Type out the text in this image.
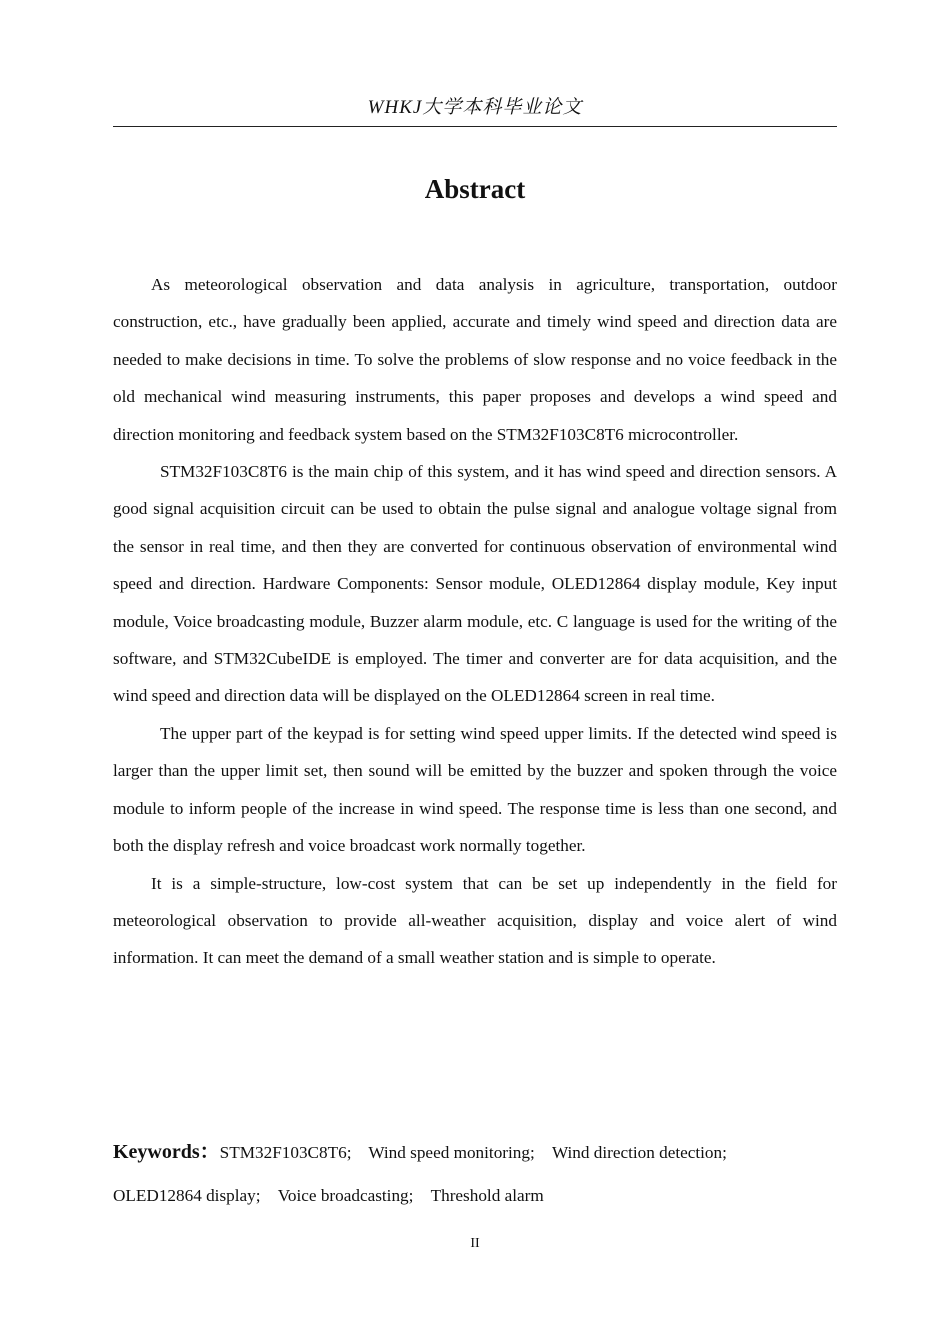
WHKJ大学本科毕业论文
Abstract

As meteorological observation and data analysis in agriculture, transportation, outdoor construction, etc., have gradually been applied, accurate and timely wind speed and direction data are needed to make decisions in time. To solve the problems of slow response and no voice feedback in the old mechanical wind measuring instruments, this paper proposes and develops a wind speed and direction monitoring and feedback system based on the STM32F103C8T6 microcontroller.

STM32F103C8T6 is the main chip of this system, and it has wind speed and direction sensors. A good signal acquisition circuit can be used to obtain the pulse signal and analogue voltage signal from the sensor in real time, and then they are converted for continuous observation of environmental wind speed and direction. Hardware Components: Sensor module, OLED12864 display module, Key input module, Voice broadcasting module, Buzzer alarm module, etc. C language is used for the writing of the software, and STM32CubeIDE is employed. The timer and converter are for data acquisition, and the wind speed and direction data will be displayed on the OLED12864 screen in real time.

The upper part of the keypad is for setting wind speed upper limits. If the detected wind speed is larger than the upper limit set, then sound will be emitted by the buzzer and spoken through the voice module to inform people of the increase in wind speed. The response time is less than one second, and both the display refresh and voice broadcast work normally together.

It is a simple-structure, low-cost system that can be set up independently in the field for meteorological observation to provide all-weather acquisition, display and voice alert of wind information. It can meet the demand of a small weather station and is simple to operate.

Keywords：STM32F103C8T6; Wind speed monitoring; Wind direction detection;
OLED12864 display; Voice broadcasting; Threshold alarm
II
